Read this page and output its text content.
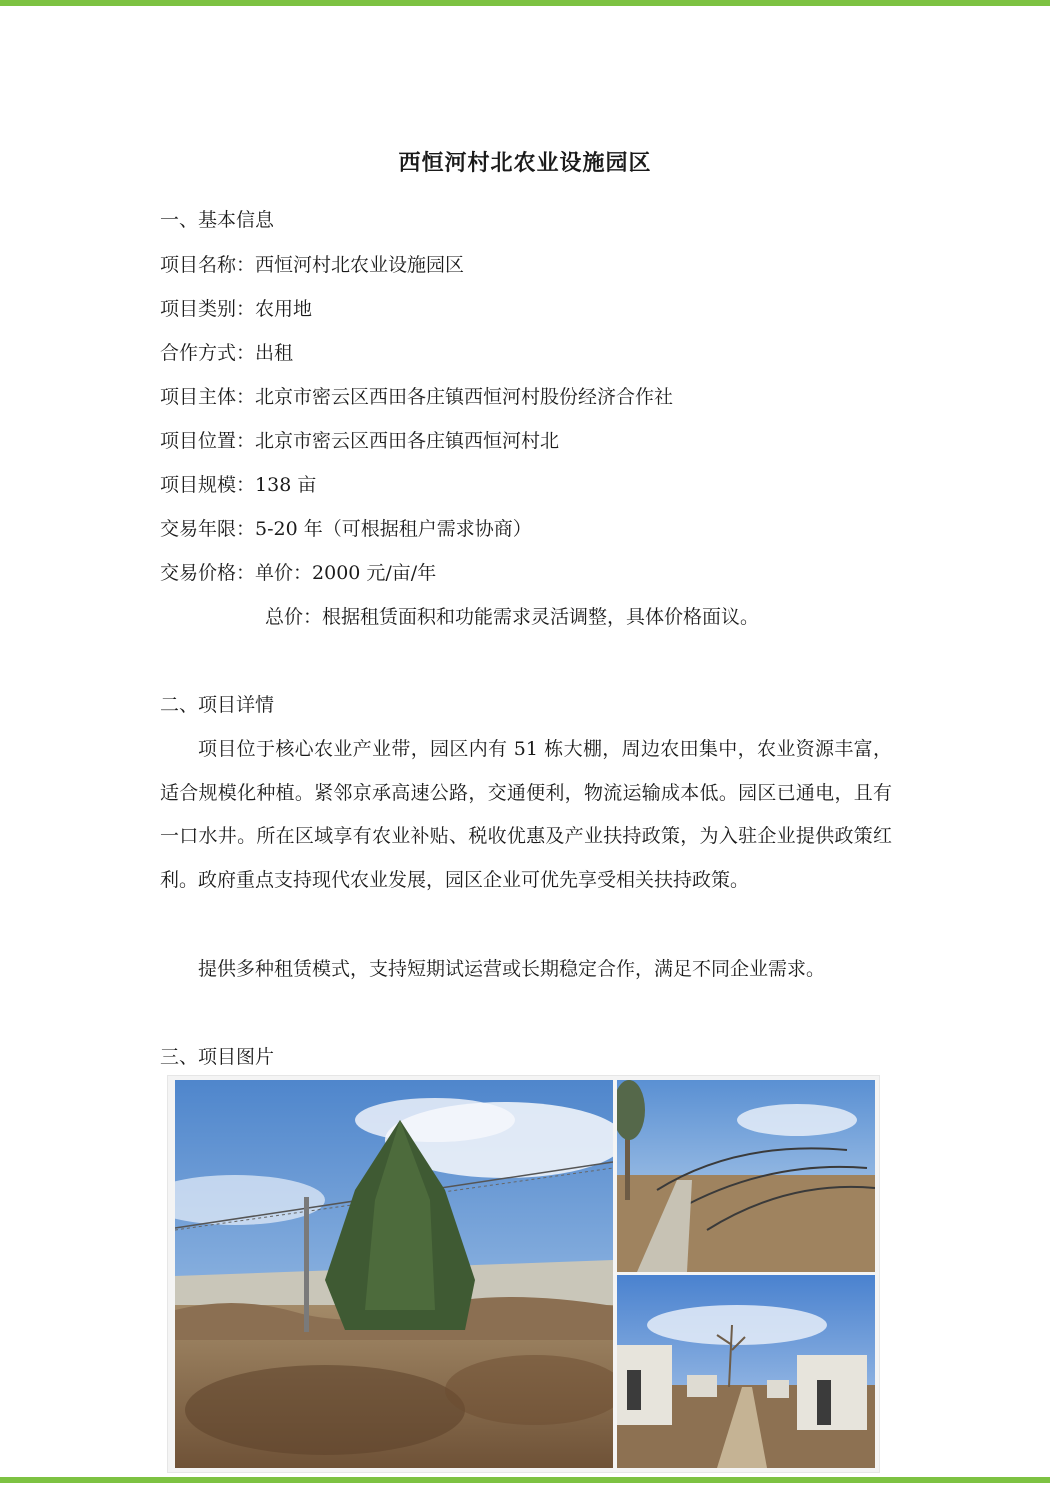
西恒河村北农业设施园区
一、基本信息
项目名称：西恒河村北农业设施园区
项目类别：农用地
合作方式：出租
项目主体：北京市密云区西田各庄镇西恒河村股份经济合作社
项目位置：北京市密云区西田各庄镇西恒河村北
项目规模：138 亩
交易年限：5-20 年（可根据租户需求协商）
交易价格：单价：2000 元/亩/年
总价：根据租赁面积和功能需求灵活调整，具体价格面议。
二、项目详情
项目位于核心农业产业带，园区内有 51 栋大棚，周边农田集中，农业资源丰富，适合规模化种植。紧邻京承高速公路，交通便利，物流运输成本低。园区已通电，且有一口水井。所在区域享有农业补贴、税收优惠及产业扶持政策，为入驻企业提供政策红利。政府重点支持现代农业发展，园区企业可优先享受相关扶持政策。
提供多种租赁模式，支持短期试运营或长期稳定合作，满足不同企业需求。
三、项目图片
